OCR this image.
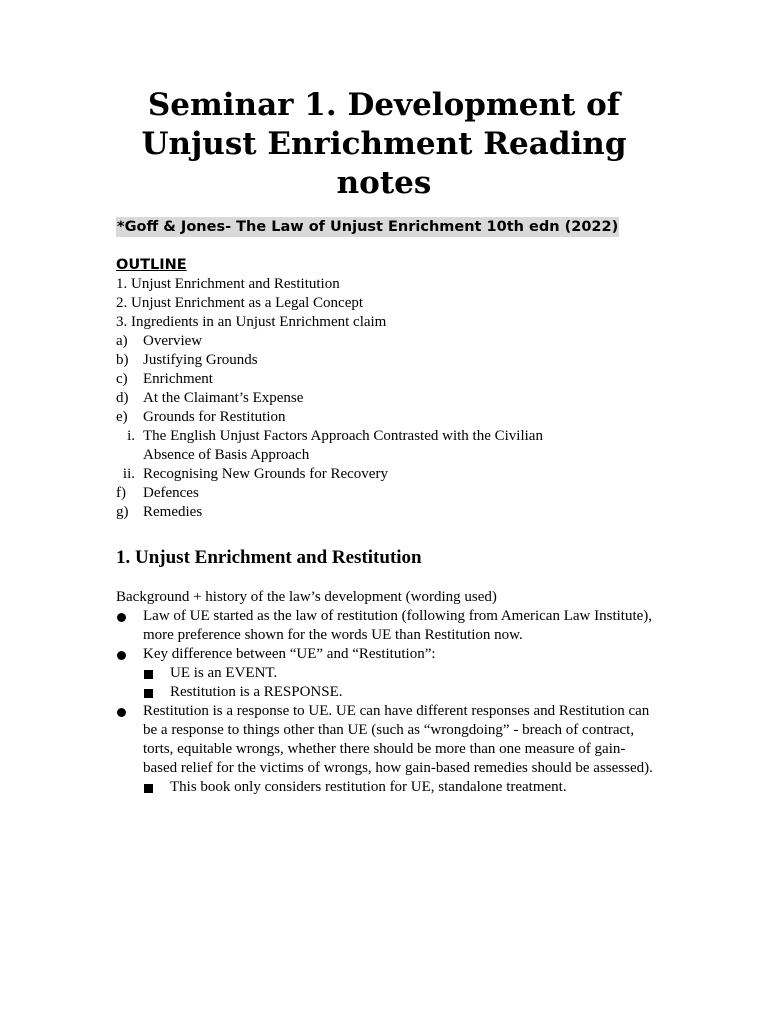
Seminar 1. Development of Unjust Enrichment Reading notes
*Goff & Jones- The Law of Unjust Enrichment 10th edn (2022)
OUTLINE
1. Unjust Enrichment and Restitution
2. Unjust Enrichment as a Legal Concept
3. Ingredients in an Unjust Enrichment claim
a)	Overview
b) Justifying Grounds
c)	Enrichment
d) At the Claimant’s Expense
e)	Grounds for Restitution
i. The English Unjust Factors Approach Contrasted with the Civilian Absence of Basis Approach
ii. Recognising New Grounds for Recovery
f)	Defences
g) Remedies
1. Unjust Enrichment and Restitution
Background + history of the law’s development (wording used)
Law of UE started as the law of restitution (following from American Law Institute), more preference shown for the words UE than Restitution now.
Key difference between “UE” and “Restitution”:
UE is an EVENT.
Restitution is a RESPONSE.
Restitution is a response to UE. UE can have different responses and Restitution can be a response to things other than UE (such as “wrongdoing” - breach of contract, torts, equitable wrongs, whether there should be more than one measure of gain-based relief for the victims of wrongs, how gain-based remedies should be assessed).
This book only considers restitution for UE, standalone treatment.
